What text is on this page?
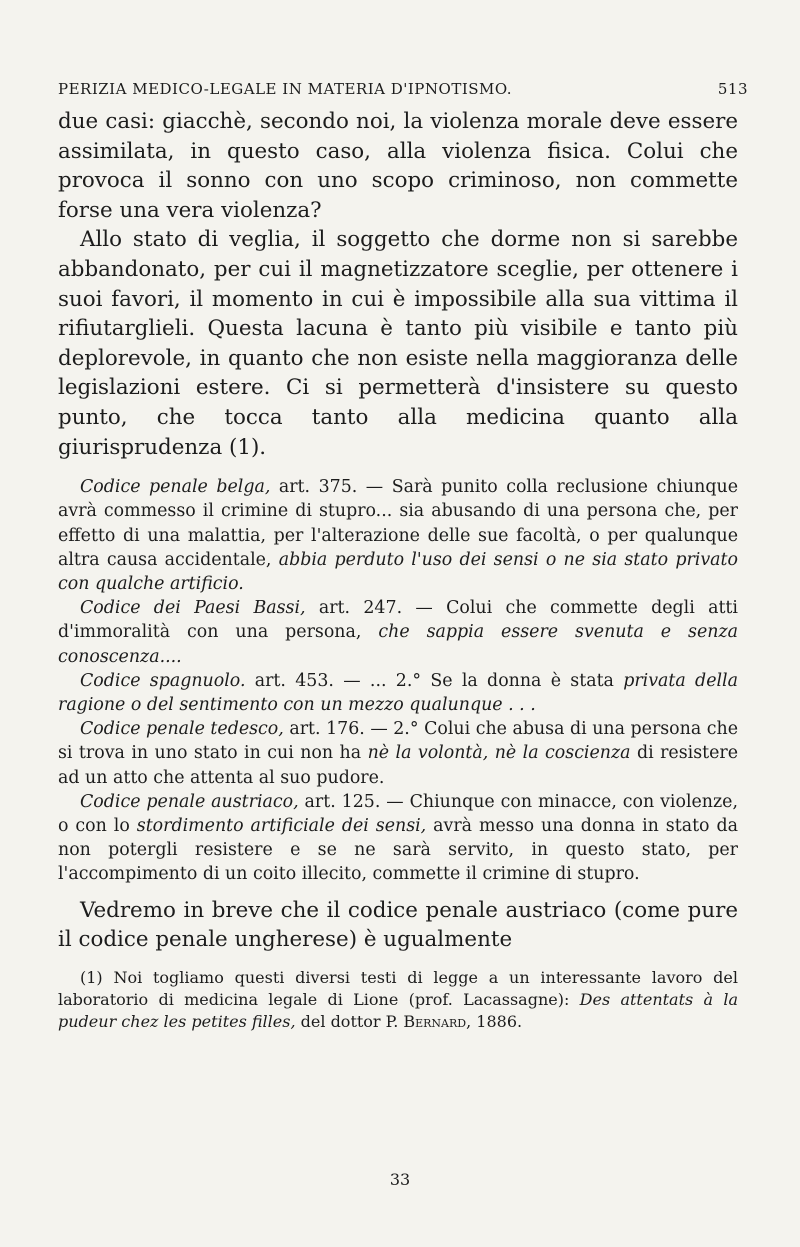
PERIZIA MEDICO-LEGALE IN MATERIA D'IPNOTISMO.	513

due casi: giacchè, secondo noi, la violenza morale deve essere assimilata, in questo caso, alla violenza fisica. Colui che provoca il sonno con uno scopo criminoso, non commette forse una vera violenza?

Allo stato di veglia, il soggetto che dorme non si sarebbe abbandonato, per cui il magnetizzatore sceglie, per ottenere i suoi favori, il momento in cui è impossibile alla sua vittima il rifiutarglieli. Questa lacuna è tanto più visibile e tanto più deplorevole, in quanto che non esiste nella maggioranza delle legislazioni estere. Ci si permetterà d'insistere su questo punto, che tocca tanto alla medicina quanto alla giurisprudenza (1).

Codice penale belga, art. 375. — Sarà punito colla reclusione chiunque avrà commesso il crimine di stupro... sia abusando di una persona che, per effetto di una malattia, per l'alterazione delle sue facoltà, o per qualunque altra causa accidentale, abbia perduto l'uso dei sensi o ne sia stato privato con qualche artificio.

Codice dei Paesi Bassi, art. 247. — Colui che commette degli atti d'immoralità con una persona, che sappia essere svenuta e senza conoscenza....

Codice spagnuolo. art. 453. — ... 2.° Se la donna è stata privata della ragione o del sentimento con un mezzo qualunque . . .

Codice penale tedesco, art. 176. — 2.° Colui che abusa di una persona che si trova in uno stato in cui non ha nè la volontà, nè la coscienza di resistere ad un atto che attenta al suo pudore.

Codice penale austriaco, art. 125. — Chiunque con minacce, con violenze, o con lo stordimento artificiale dei sensi, avrà messo una donna in stato da non potergli resistere e se ne sarà servito, in questo stato, per l'accompimento di un coito illecito, commette il crimine di stupro.

Vedremo in breve che il codice penale austriaco (come pure il codice penale ungherese) è ugualmente

(1) Noi togliamo questi diversi testi di legge a un interessante lavoro del laboratorio di medicina legale di Lione (prof. Lacassagne): Des attentats à la pudeur chez les petites filles, del dottor P. Bernard, 1886.

33
